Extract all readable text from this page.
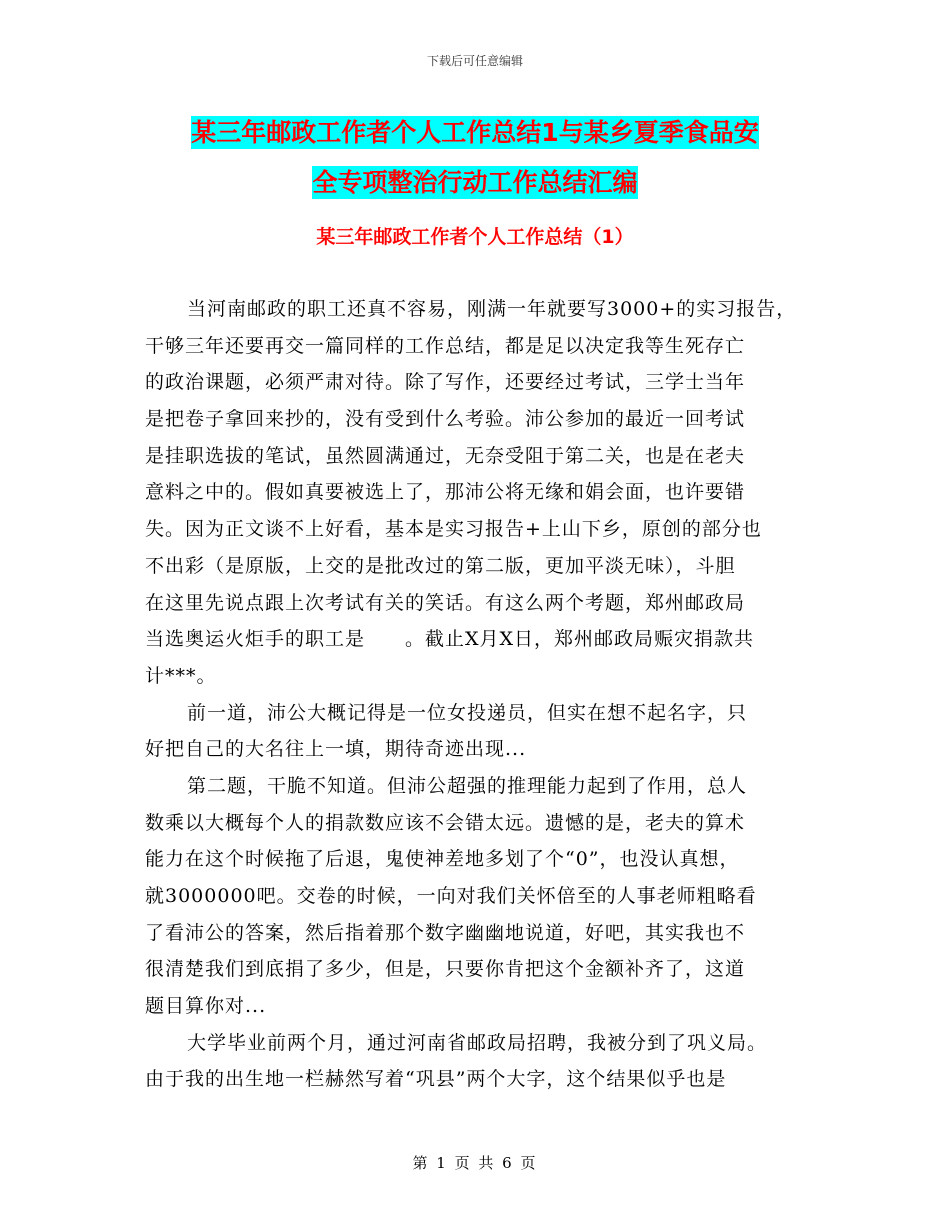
下载后可任意编辑
某三年邮政工作者个人工作总结1与某乡夏季食品安
全专项整治行动工作总结汇编
某三年邮政工作者个人工作总结（1）
当河南邮政的职工还真不容易，刚满一年就要写3000+的实习报告，
干够三年还要再交一篇同样的工作总结，都是足以决定我等生死存亡
的政治课题，必须严肃对待。除了写作，还要经过考试，三学士当年
是把卷子拿回来抄的，没有受到什么考验。沛公参加的最近一回考试
是挂职选拔的笔试，虽然圆满通过，无奈受阻于第二关，也是在老夫
意料之中的。假如真要被选上了，那沛公将无缘和娟会面，也许要错
失。因为正文谈不上好看，基本是实习报告+上山下乡，原创的部分也
不出彩（是原版，上交的是批改过的第二版，更加平淡无味），斗胆
在这里先说点跟上次考试有关的笑话。有这么两个考题，郑州邮政局
当选奥运火炬手的职工是　　。截止X月X日，郑州邮政局赈灾捐款共
计***。
前一道，沛公大概记得是一位女投递员，但实在想不起名字，只
好把自己的大名往上一填，期待奇迹出现...
第二题，干脆不知道。但沛公超强的推理能力起到了作用，总人
数乘以大概每个人的捐款数应该不会错太远。遗憾的是，老夫的算术
能力在这个时候拖了后退，鬼使神差地多划了个“0”，也没认真想，
就3000000吧。交卷的时候，一向对我们关怀倍至的人事老师粗略看
了看沛公的答案，然后指着那个数字幽幽地说道，好吧，其实我也不
很清楚我们到底捐了多少，但是，只要你肯把这个金额补齐了，这道
题目算你对...
大学毕业前两个月，通过河南省邮政局招聘，我被分到了巩义局。
由于我的出生地一栏赫然写着“巩县”两个大字，这个结果似乎也是
第 1 页 共 6 页
